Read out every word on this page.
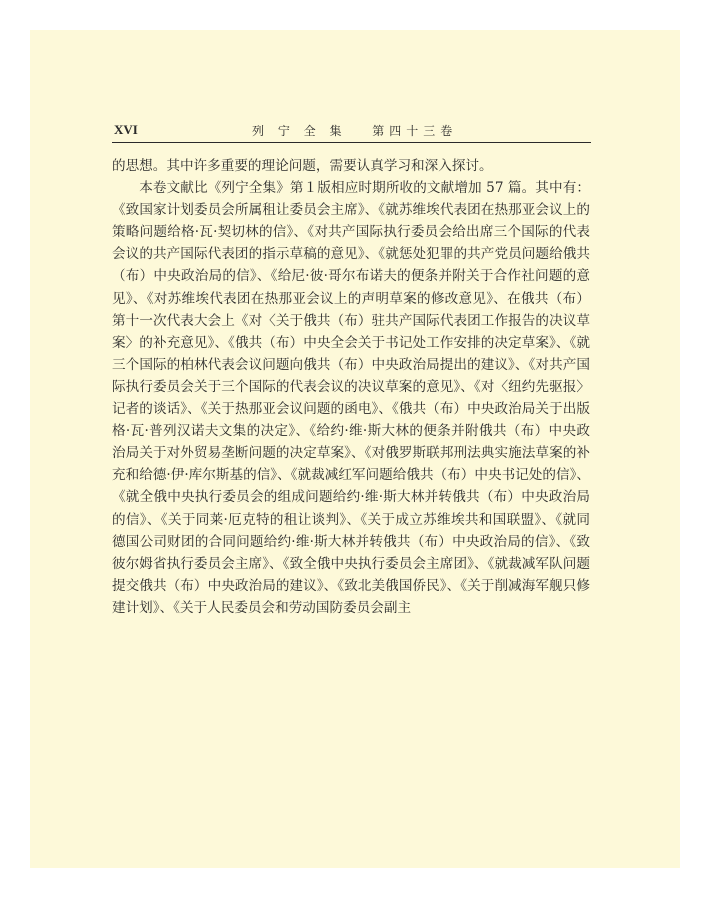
XVI	列 宁 全 集　 第四十三卷

的思想。其中许多重要的理论问题，需要认真学习和深入探讨。

本卷文献比《列宁全集》第１版相应时期所收的文献增加 57 篇。其中有：《致国家计划委员会所属租让委员会主席》、《就苏维埃代表团在热那亚会议上的策略问题给格·瓦·契切林的信》、《对共产国际执行委员会给出席三个国际的代表会议的共产国际代表团的指示草稿的意见》、《就惩处犯罪的共产党员问题给俄共（布）中央政治局的信》、《给尼·彼·哥尔布诺夫的便条并附关于合作社问题的意见》、《对苏维埃代表团在热那亚会议上的声明草案的修改意见》、在俄共（布）第十一次代表大会上《对〈关于俄共（布）驻共产国际代表团工作报告的决议草案〉的补充意见》、《俄共（布）中央全会关于书记处工作安排的决定草案》、《就三个国际的柏林代表会议问题向俄共（布）中央政治局提出的建议》、《对共产国际执行委员会关于三个国际的代表会议的决议草案的意见》、《对〈纽约先驱报〉记者的谈话》、《关于热那亚会议问题的函电》、《俄共（布）中央政治局关于出版格·瓦·普列汉诺夫文集的决定》、《给约·维·斯大林的便条并附俄共（布）中央政治局关于对外贸易垄断问题的决定草案》、《对俄罗斯联邦刑法典实施法草案的补充和给德·伊·库尔斯基的信》、《就裁减红军问题给俄共（布）中央书记处的信》、《就全俄中央执行委员会的组成问题给约·维·斯大林并转俄共（布）中央政治局的信》、《关于同莱·厄克特的租让谈判》、《关于成立苏维埃共和国联盟》、《就同德国公司财团的合同问题给约·维·斯大林并转俄共（布）中央政治局的信》、《致彼尔姆省执行委员会主席》、《致全俄中央执行委员会主席团》、《就裁减军队问题提交俄共（布）中央政治局的建议》、《致北美俄国侨民》、《关于削减海军舰只修建计划》、《关于人民委员会和劳动国防委员会副主
